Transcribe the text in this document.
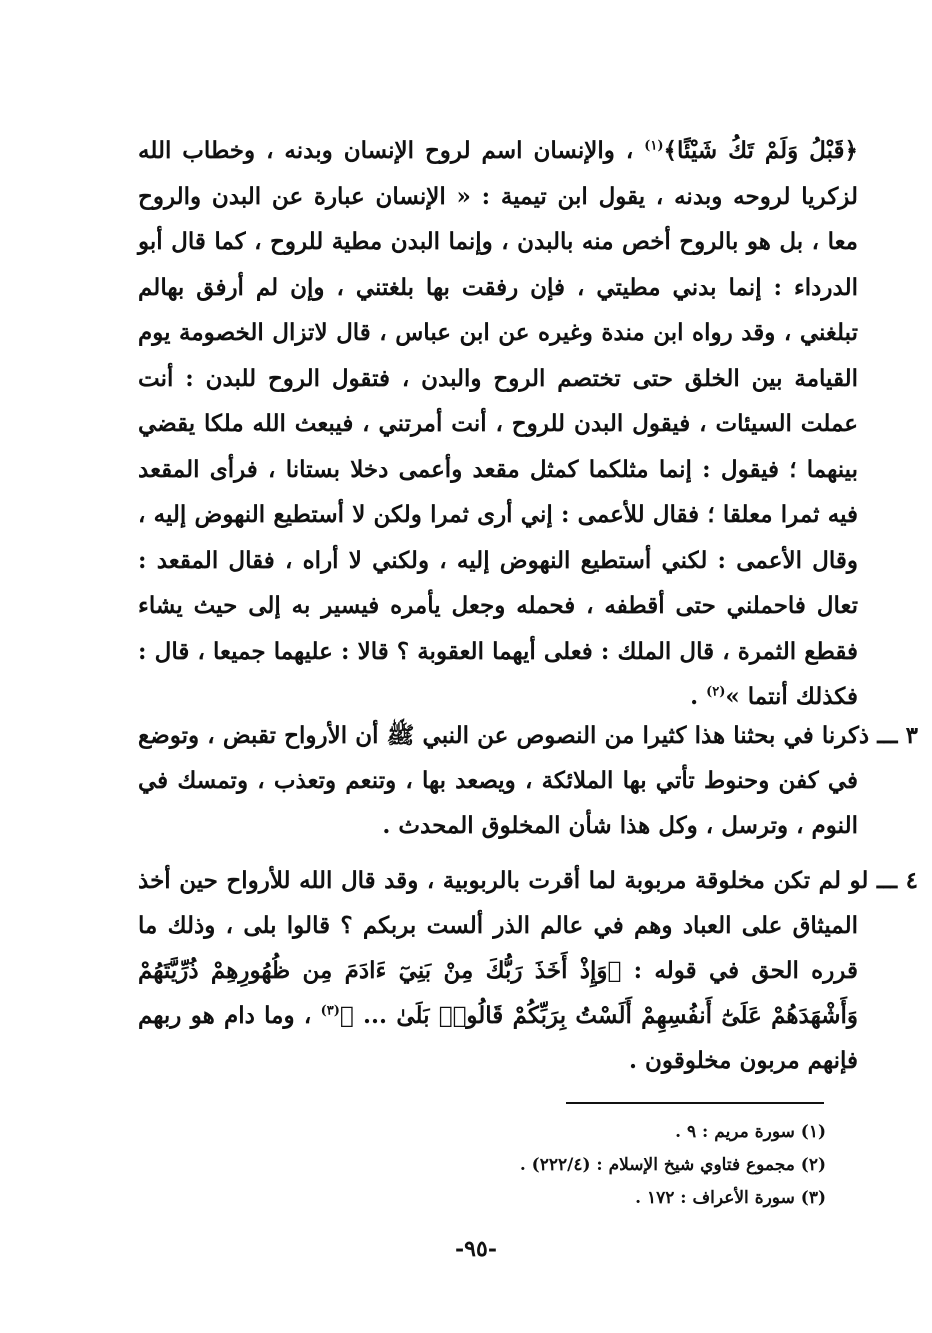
﴿قَبْلُ وَلَمْ تَكُ شَيْئًا﴾$^{(١)}$ ، والإنسان اسم لروح الإنسان وبدنه ، وخطاب الله لزكريا لروحه وبدنه ، يقول ابن تيمية : « الإنسان عبارة عن البدن والروح معا ، بل هو بالروح أخص منه بالبدن ، وإنما البدن مطية للروح ، كما قال أبو الدرداء : إنما بدني مطيتي ، فإن رفقت بها بلغتني ، وإن لم أرفق بهالم تبلغني ، وقد رواه ابن مندة وغيره عن ابن عباس ، قال لاتزال الخصومة يوم القيامة بين الخلق حتى تختصم الروح والبدن ، فتقول الروح للبدن : أنت عملت السيئات ، فيقول البدن للروح ، أنت أمرتني ، فيبعث الله ملكا يقضي بينهما ؛ فيقول : إنما مثلكما كمثل مقعد وأعمى دخلا بستانا ، فرأى المقعد فيه ثمرا معلقا ؛ فقال للأعمى : إني أرى ثمرا ولكن لا أستطيع النهوض إليه ، وقال الأعمى : لكني أستطيع النهوض إليه ، ولكني لا أراه ، فقال المقعد : تعال فاحملني حتى أقطفه ، فحمله وجعل يأمره فيسير به إلى حيث يشاء فقطع الثمرة ، قال الملك : فعلى أيهما العقوبة ؟ قالا : عليهما جميعا ، قال : فكذلك أنتما »$^{(٢)}$ .

٣ ـــ ذكرنا في بحثنا هذا كثيرا من النصوص عن النبي ﷺ أن الأرواح تقبض ، وتوضع في كفن وحنوط تأتي بها الملائكة ، ويصعد بها ، وتنعم وتعذب ، وتمسك في النوم ، وترسل ، وكل هذا شأن المخلوق المحدث .
٤ ـــ لو لم تكن مخلوقة مربوبة لما أقرت بالربوبية ، وقد قال الله للأرواح حين أخذ الميثاق على العباد وهم في عالم الذر ألست بربكم ؟ قالوا بلى ، وذلك ما قرره الحق في قوله : ﴿وَإِذْ أَخَذَ رَبُّكَ مِنْ بَنِيٓ ءَادَمَ مِن ظُهُورِهِمْ ذُرِّيَّتَهُمْ وَأَشْهَدَهُمْ عَلَىٰٓ أَنفُسِهِمْ أَلَسْتُ بِرَبِّكُمْ قَالُوا۟ بَلَىٰ ... ﴾$^{(٣)}$ ، وما دام هو ربهم فإنهم مربون مخلوقون .
(١) سورة مريم : ٩ .
(٢) مجموع فتاوي شيخ الإسلام : (٢٢٢/٤) .
(٣) سورة الأعراف : ١٧٢ .
-٩٥-
